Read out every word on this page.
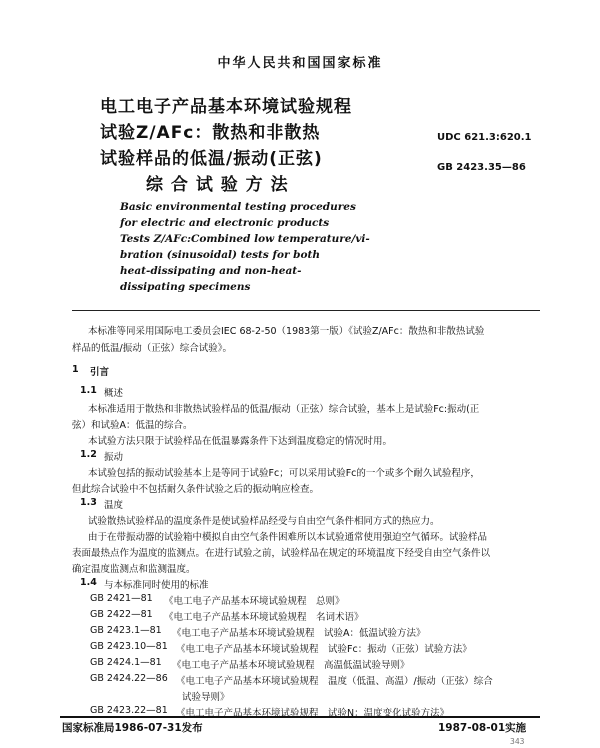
中华人民共和国国家标准
电工电子产品基本环境试验规程
试验Z/AFc：散热和非散热
试验样品的低温/振动(正弦)
综 合 试 验 方 法
UDC 621.3:620.1
GB 2423.35—86
Basic environmental testing procedures
for electric and electronic products
Tests Z/AFc:Combined low temperature/vi-
bration (sinusoidal) tests for both
heat-dissipating and non-heat-
dissipating specimens
本标准等同采用国际电工委员会IEC 68-2-50（1983第一版）《试验Z/AFc：散热和非散热试验
样品的低温/振动（正弦）综合试验》。
1 引言
1.1 概述
本标准适用于散热和非散热试验样品的低温/振动（正弦）综合试验，基本上是试验Fc:振动(正
弦）和试验A：低温的综合。
本试验方法只限于试验样品在低温暴露条件下达到温度稳定的情况时用。
1.2 振动
本试验包括的振动试验基本上是等同于试验Fc；可以采用试验Fc的一个或多个耐久试验程序，
但此综合试验中不包括耐久条件试验之后的振动响应检查。
1.3 温度
试验散热试验样品的温度条件是使试验样品经受与自由空气条件相同方式的热应力。
由于在带振动器的试验箱中模拟自由空气条件困难所以本试验通常使用强迫空气循环。试验样品
表面最热点作为温度的监测点。在进行试验之前，试验样品在规定的环境温度下经受自由空气条件以
确定温度监测点和监测温度。
1.4 与本标准同时使用的标准
GB 2421—81 《电工电子产品基本环境试验规程　总则》
GB 2422—81 《电工电子产品基本环境试验规程　名词术语》
GB 2423.1—81 《电工电子产品基本环境试验规程　试验A：低温试验方法》
GB 2423.10—81 《电工电子产品基本环境试验规程　试验Fc：振动（正弦）试验方法》
GB 2424.1—81 《电工电子产品基本环境试验规程　高温低温试验导则》
GB 2424.22—86 《电工电子产品基本环境试验规程　温度（低温、高温）/振动（正弦）综合
试验导则》
GB 2423.22—81 《电工电子产品基本环境试验规程　试验N：温度变化试验方法》
国家标准局1986-07-31发布	1987-08-01实施
343
